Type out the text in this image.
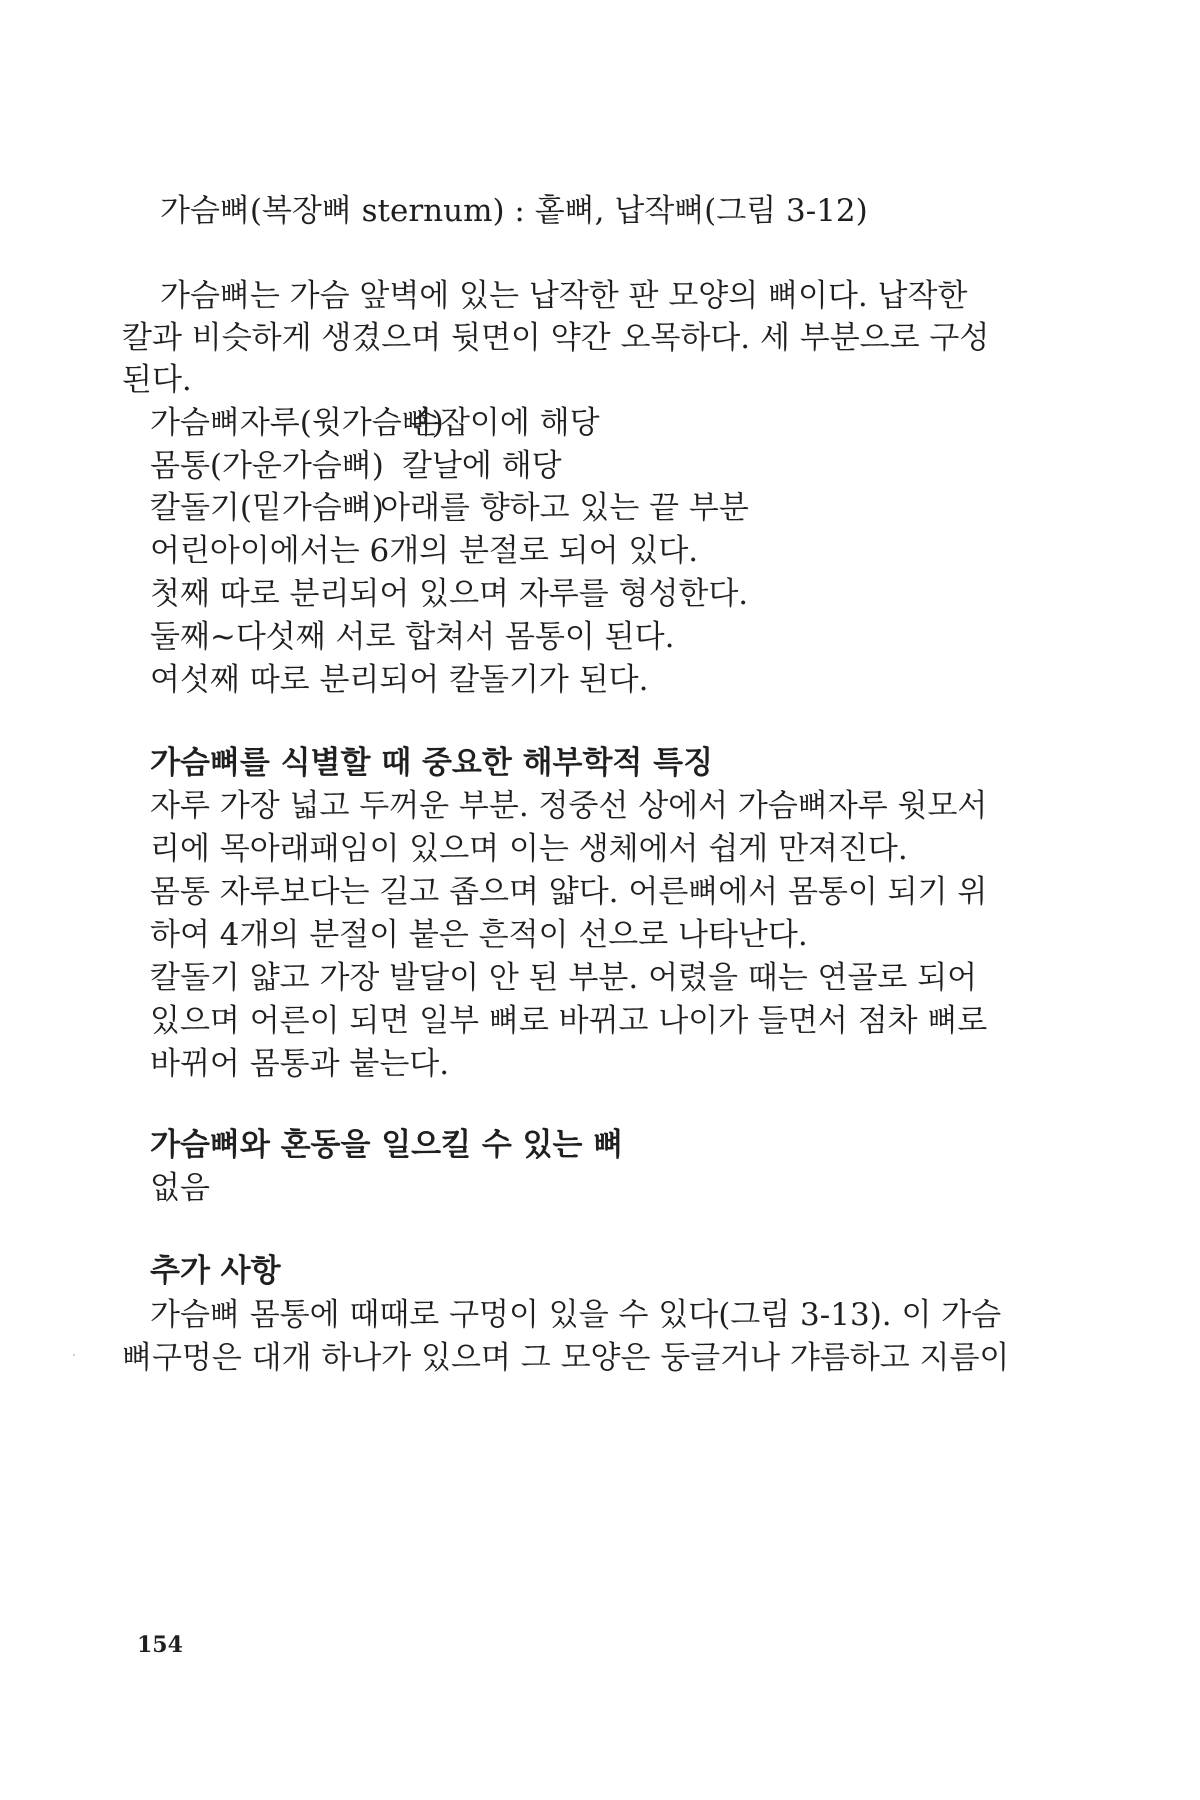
가슴뼈(복장뼈 sternum) : 홑뼈, 납작뼈(그림 3-12)
가슴뼈는 가슴 앞벽에 있는 납작한 판 모양의 뼈이다. 납작한
칼과 비슷하게 생겼으며 뒷면이 약간 오목하다. 세 부분으로 구성
된다.
가슴뼈자루(윗가슴뼈)손잡이에 해당
몸통(가운가슴뼈) 칼날에 해당
칼돌기(밑가슴뼈)아래를 향하고 있는 끝 부분
어린아이에서는 6개의 분절로 되어 있다.
첫째 따로 분리되어 있으며 자루를 형성한다.
둘째~다섯째 서로 합쳐서 몸통이 된다.
여섯째 따로 분리되어 칼돌기가 된다.
가슴뼈를 식별할 때 중요한 해부학적 특징
자루 가장 넓고 두꺼운 부분. 정중선 상에서 가슴뼈자루 윗모서
리에 목아래패임이 있으며 이는 생체에서 쉽게 만져진다.
몸통 자루보다는 길고 좁으며 얇다. 어른뼈에서 몸통이 되기 위
하여 4개의 분절이 붙은 흔적이 선으로 나타난다.
칼돌기 얇고 가장 발달이 안 된 부분. 어렸을 때는 연골로 되어
있으며 어른이 되면 일부 뼈로 바뀌고 나이가 들면서 점차 뼈로
바뀌어 몸통과 붙는다.
가슴뼈와 혼동을 일으킬 수 있는 뼈
없음
추가 사항
가슴뼈 몸통에 때때로 구멍이 있을 수 있다(그림 3-13). 이 가슴
뼈구멍은 대개 하나가 있으며 그 모양은 둥글거나 갸름하고 지름이
154
